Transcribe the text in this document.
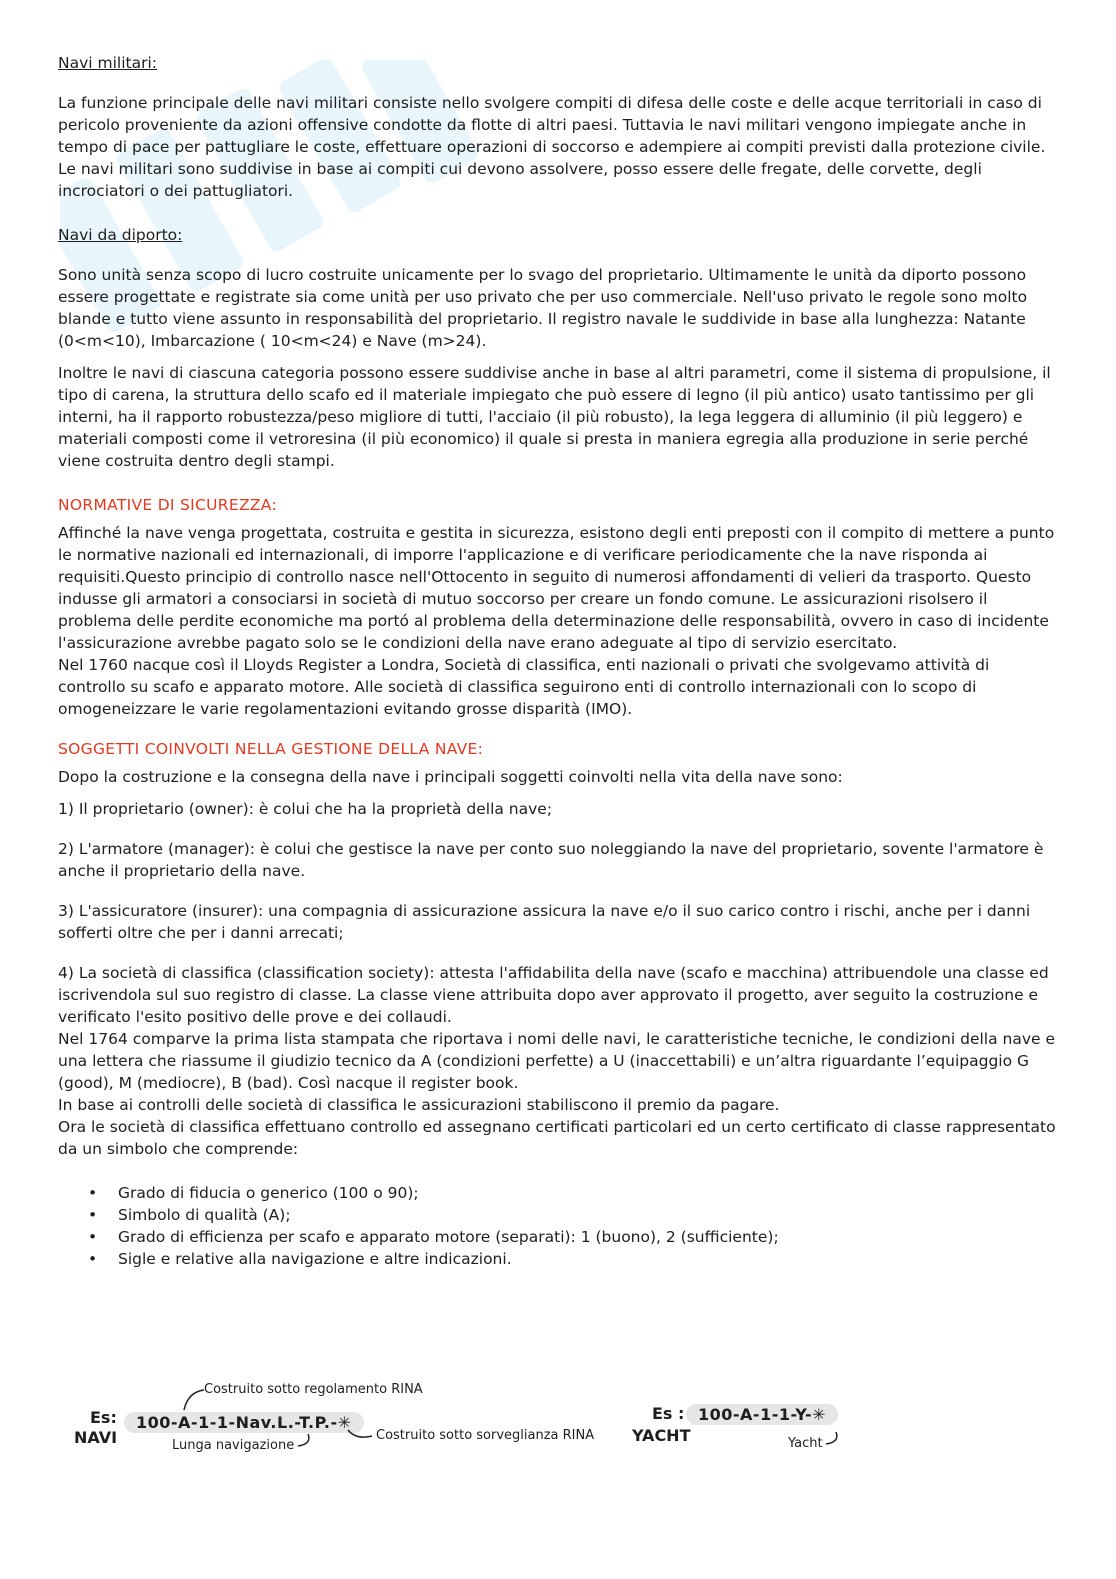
Navi militari:

La funzione principale delle navi militari consiste nello svolgere compiti di difesa delle coste e delle acque territoriali in caso di pericolo proveniente da azioni offensive condotte da flotte di altri paesi. Tuttavia le navi militari vengono impiegate anche in tempo di pace per pattugliare le coste, effettuare operazioni di soccorso e adempiere ai compiti previsti dalla protezione civile. Le navi militari sono suddivise in base ai compiti cui devono assolvere, posso essere delle fregate, delle corvette, degli incrociatori o dei pattugliatori.

Navi da diporto:

Sono unità senza scopo di lucro costruite unicamente per lo svago del proprietario. Ultimamente le unità da diporto possono essere progettate e registrate sia come unità per uso privato che per uso commerciale. Nell'uso privato le regole sono molto blande e tutto viene assunto in responsabilità del proprietario. Il registro navale le suddivide in base alla lunghezza: Natante (0<m<10), Imbarcazione ( 10<m<24) e Nave (m>24).

Inoltre le navi di ciascuna categoria possono essere suddivise anche in base al altri parametri, come il sistema di propulsione, il tipo di carena, la struttura dello scafo ed il materiale impiegato che può essere di legno (il più antico) usato tantissimo per gli interni, ha il rapporto robustezza/peso migliore di tutti, l'acciaio (il più robusto), la lega leggera di alluminio (il più leggero) e materiali composti come il vetroresina (il più economico) il quale si presta in maniera egregia alla produzione in serie perché viene costruita dentro degli stampi.

NORMATIVE DI SICUREZZA:

Affinché la nave venga progettata, costruita e gestita in sicurezza, esistono degli enti preposti con il compito di mettere a punto le normative nazionali ed internazionali, di imporre l'applicazione e di verificare periodicamente che la nave risponda ai requisiti.Questo principio di controllo nasce nell'Ottocento in seguito di numerosi affondamenti di velieri da trasporto. Questo indusse gli armatori a consociarsi in società di mutuo soccorso per creare un fondo comune. Le assicurazioni risolsero il problema delle perdite economiche ma portó al problema della determinazione delle responsabilità, ovvero in caso di incidente l'assicurazione avrebbe pagato solo se le condizioni della nave erano adeguate al tipo di servizio esercitato.

Nel 1760 nacque così il Lloyds Register a Londra, Società di classifica, enti nazionali o privati che svolgevamo attività di controllo su scafo e apparato motore. Alle società di classifica seguirono enti di controllo internazionali con lo scopo di omogeneizzare le varie regolamentazioni evitando grosse disparità (IMO).

SOGGETTI COINVOLTI NELLA GESTIONE DELLA NAVE:

Dopo la costruzione e la consegna della nave i principali soggetti coinvolti nella vita della nave sono:

1) Il proprietario (owner): è colui che ha la proprietà della nave;

2) L'armatore (manager): è colui che gestisce la nave per conto suo noleggiando la nave del proprietario, sovente l'armatore è anche il proprietario della nave.

3) L'assicuratore (insurer): una compagnia di assicurazione assicura la nave e/o il suo carico contro i rischi, anche per i danni sofferti oltre che per i danni arrecati;

4) La società di classifica (classification society): attesta l'affidabilita della nave (scafo e macchina) attribuendole una classe ed iscrivendola sul suo registro di classe. La classe viene attribuita dopo aver approvato il progetto, aver seguito la costruzione e verificato l'esito positivo delle prove e dei collaudi.

Nel 1764 comparve la prima lista stampata che riportava i nomi delle navi, le caratteristiche tecniche, le condizioni della nave e una lettera che riassume il giudizio tecnico da A (condizioni perfette) a U (inaccettabili) e un’altra riguardante l’equipaggio G (good), M (mediocre), B (bad). Così nacque il register book.

In base ai controlli delle società di classifica le assicurazioni stabiliscono il premio da pagare.

Ora le società di classifica effettuano controllo ed assegnano certificati particolari ed un certo certificato di classe rappresentato da un simbolo che comprende:

• Grado di fiducia o generico (100 o 90);
• Simbolo di qualità (A);
• Grado di efficienza per scafo e apparato motore (separati): 1 (buono), 2 (sufficiente);
• Sigle e relative alla navigazione e altre indicazioni.
Es:
NAVI
100-A-1-1-Nav.L.-T.P.-✳
Costruito sotto regolamento RINA
Lunga navigazione
Costruito sotto sorveglianza RINA
Es :
YACHT
100-A-1-1-Y-✳
Yacht
